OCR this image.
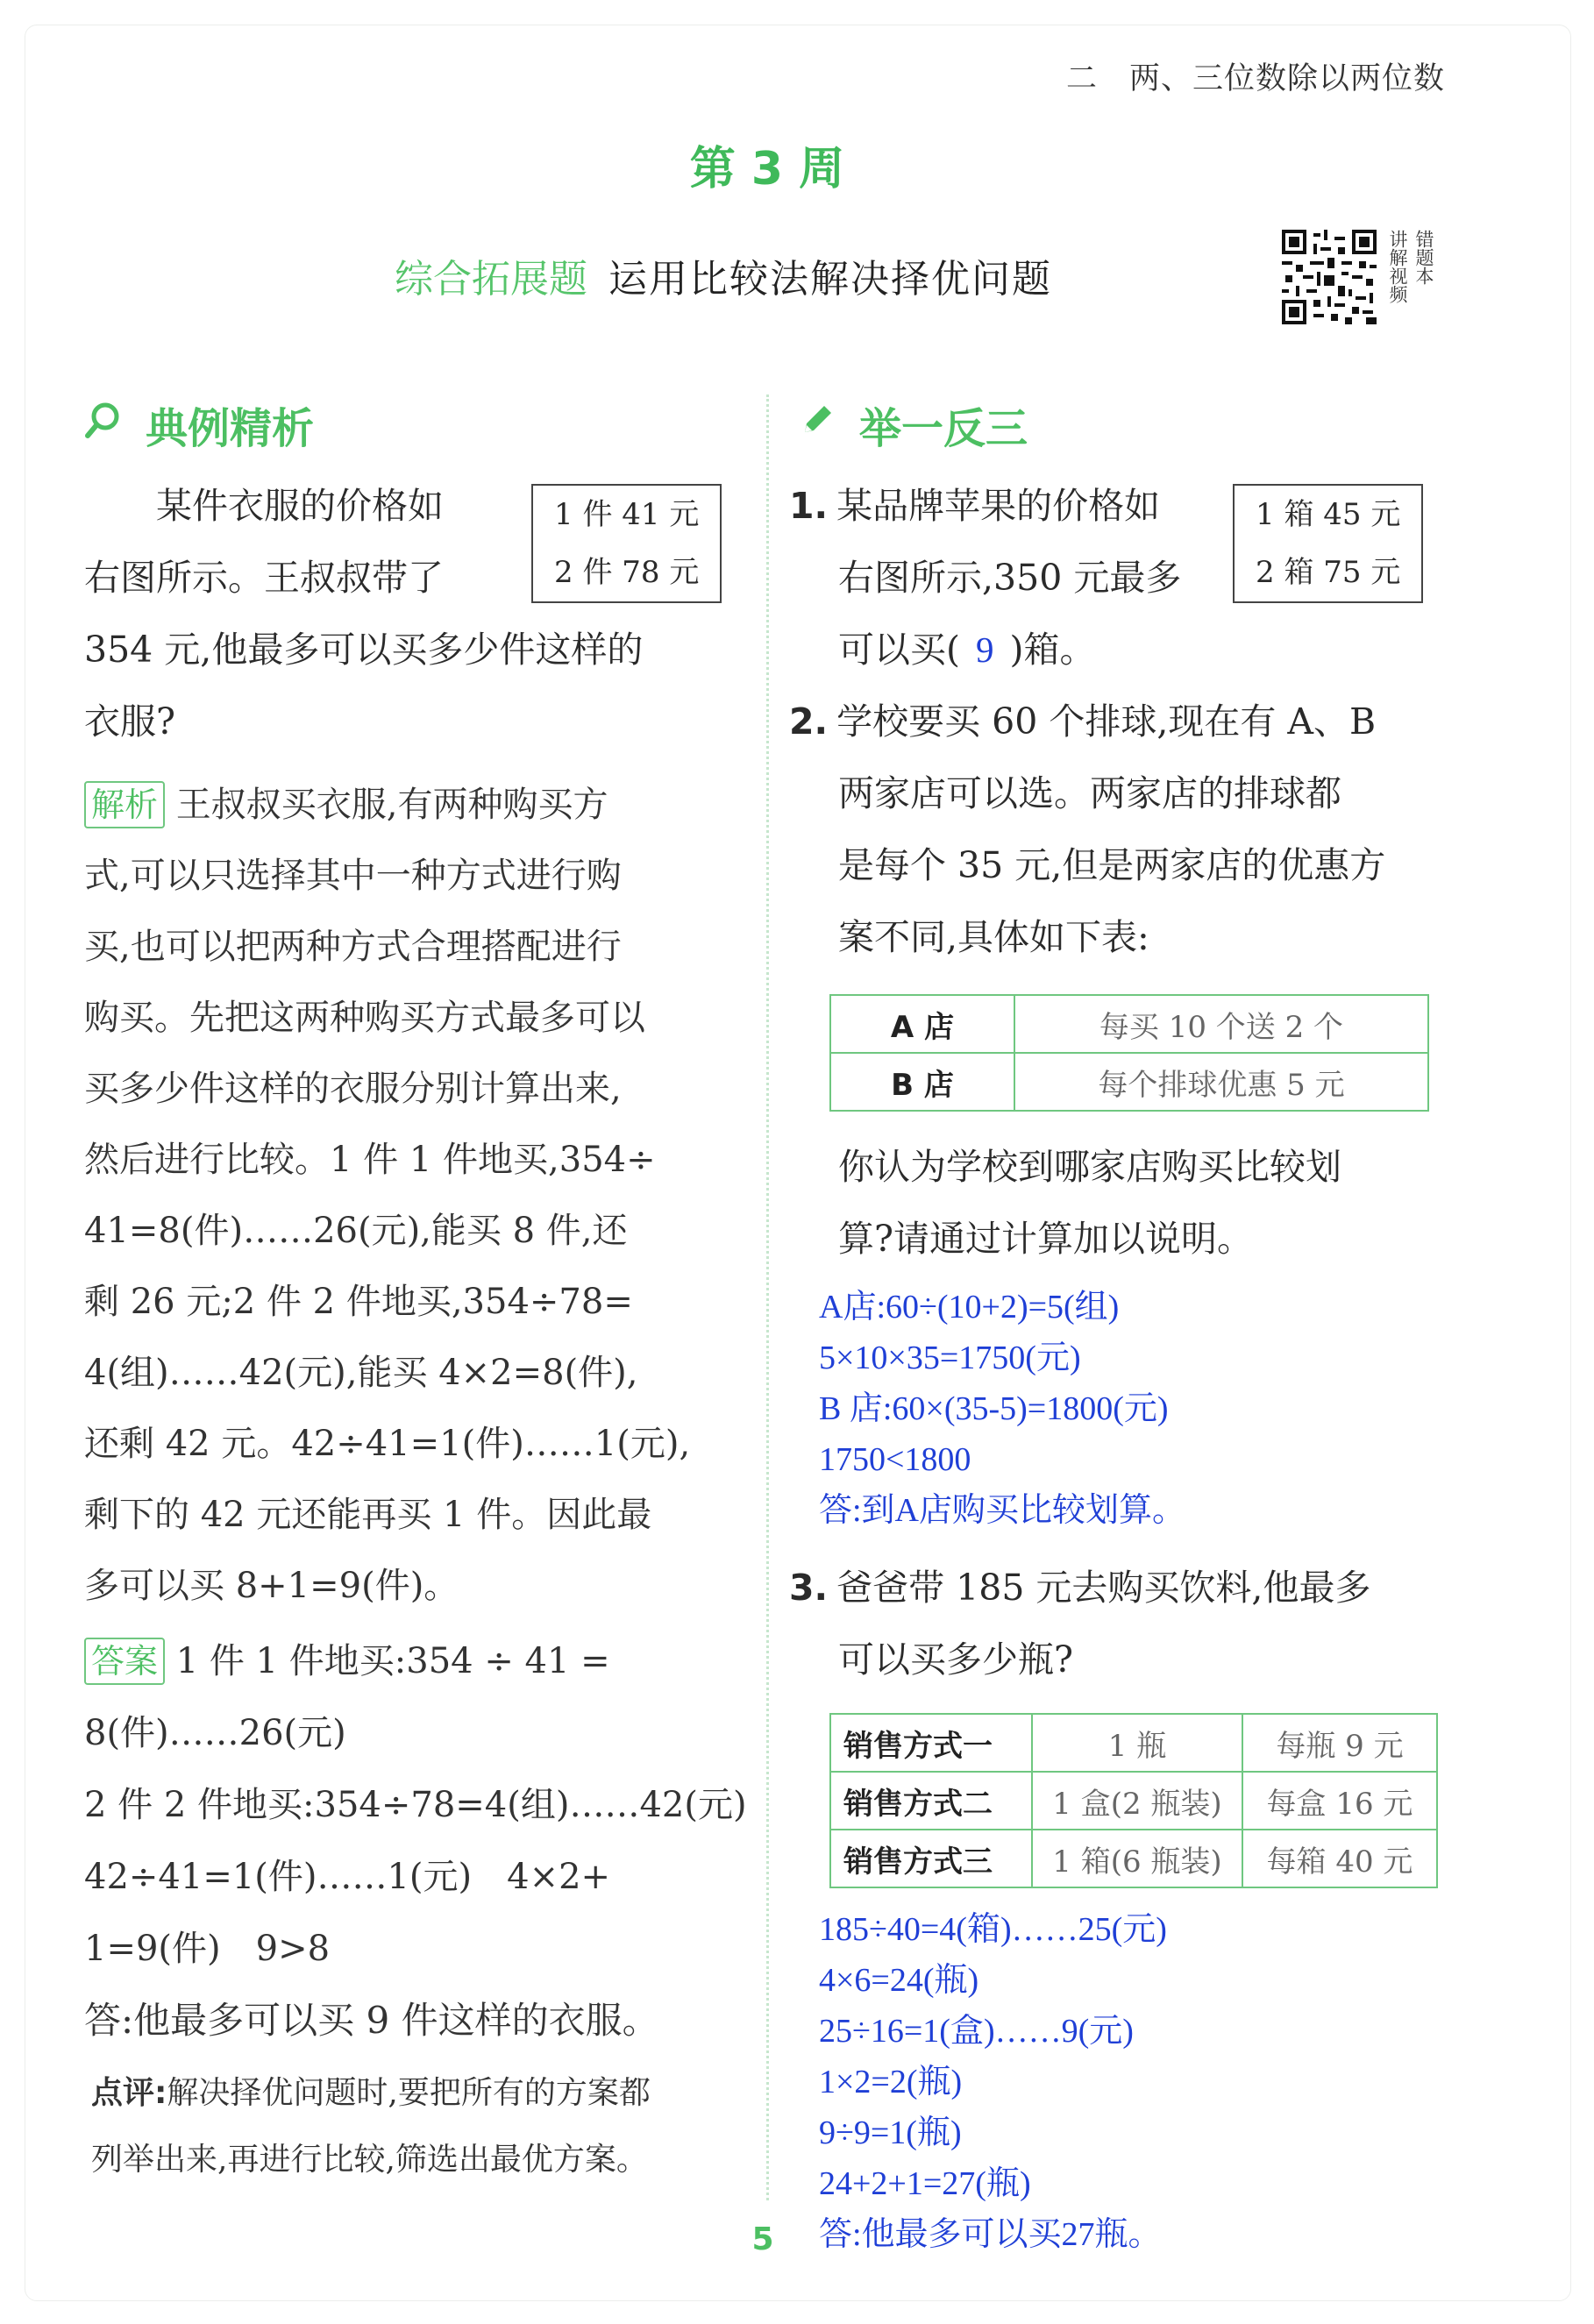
二　两、三位数除以两位数
第 3 周
综合拓展题 运用比较法解决择优问题	讲解视频 错题本
典例精析
某件衣服的价格如
右图所示。王叔叔带了
354 元,他最多可以买多少件这样的
衣服?
1 件 41 元
2 件 78 元
解析 王叔叔买衣服,有两种购买方
式,可以只选择其中一种方式进行购
买,也可以把两种方式合理搭配进行
购买。先把这两种购买方式最多可以
买多少件这样的衣服分别计算出来,
然后进行比较。1 件 1 件地买,354÷
41=8(件)……26(元),能买 8 件,还
剩 26 元;2 件 2 件地买,354÷78=
4(组)……42(元),能买 4×2=8(件),
还剩 42 元。42÷41=1(件)……1(元),
剩下的 42 元还能再买 1 件。因此最
多可以买 8+1=9(件)。
答案 1 件 1 件地买:354 ÷ 41 =
8(件)……26(元)
2 件 2 件地买:354÷78=4(组)……42(元)
42÷41=1(件)……1(元)　4×2+
1=9(件)　9>8
答:他最多可以买 9 件这样的衣服。
点评:解决择优问题时,要把所有的方案都
列举出来,再进行比较,筛选出最优方案。
举一反三
1. 某品牌苹果的价格如
右图所示,350 元最多
可以买( 9 )箱。
1 箱 45 元
2 箱 75 元
2. 学校要买 60 个排球,现在有 A、B
两家店可以选。两家店的排球都
是每个 35 元,但是两家店的优惠方
案不同,具体如下表:
A 店	每买 10 个送 2 个
B 店	每个排球优惠 5 元
你认为学校到哪家店购买比较划
算?请通过计算加以说明。
A店:60÷(10+2)=5(组)
5×10×35=1750(元)
B 店:60×(35-5)=1800(元)
1750<1800
答:到A店购买比较划算。
3. 爸爸带 185 元去购买饮料,他最多
可以买多少瓶?
销售方式一	1 瓶	每瓶 9 元
销售方式二	1 盒(2 瓶装)	每盒 16 元
销售方式三	1 箱(6 瓶装)	每箱 40 元
185÷40=4(箱)……25(元)
4×6=24(瓶)
25÷16=1(盒)……9(元)
1×2=2(瓶)
9÷9=1(瓶)
24+2+1=27(瓶)
答:他最多可以买27瓶。
5
